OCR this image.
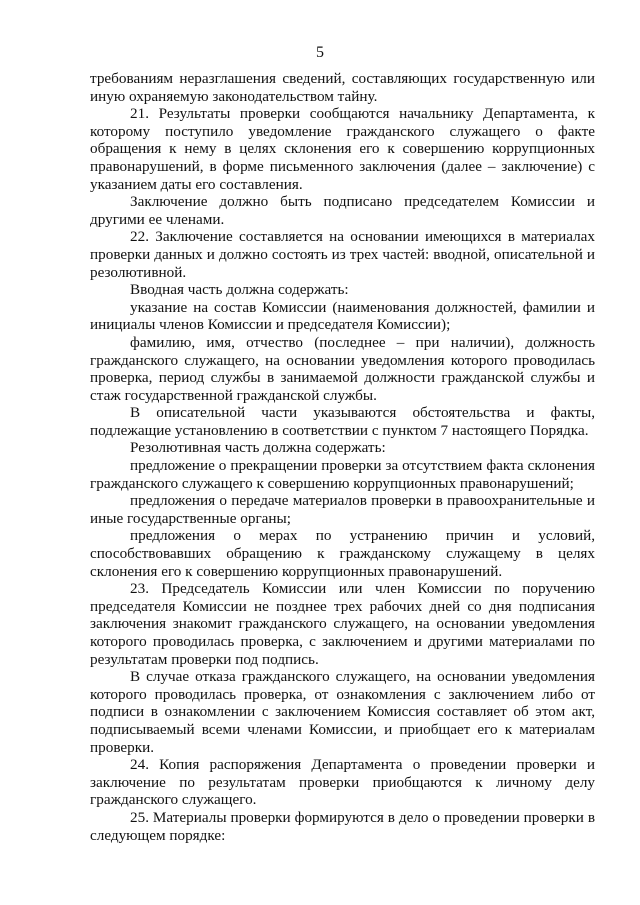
5

требованиям неразглашения сведений, составляющих государственную или иную охраняемую законодательством тайну.

21. Результаты проверки сообщаются начальнику Департамента, к которому поступило уведомление гражданского служащего о факте обращения к нему в целях склонения его к совершению коррупционных правонарушений, в форме письменного заключения (далее – заключение) с указанием даты его составления.

Заключение должно быть подписано председателем Комиссии и другими ее членами.

22. Заключение составляется на основании имеющихся в материалах проверки данных и должно состоять из трех частей: вводной, описательной и резолютивной.

Вводная часть должна содержать:

указание на состав Комиссии (наименования должностей, фамилии и инициалы членов Комиссии и председателя Комиссии);

фамилию, имя, отчество (последнее – при наличии), должность гражданского служащего, на основании уведомления которого проводилась проверка, период службы в занимаемой должности гражданской службы и стаж государственной гражданской службы.

В описательной части указываются обстоятельства и факты, подлежащие установлению в соответствии с пунктом 7 настоящего Порядка.

Резолютивная часть должна содержать:

предложение о прекращении проверки за отсутствием факта склонения гражданского служащего к совершению коррупционных правонарушений;

предложения о передаче материалов проверки в правоохранительные и иные государственные органы;

предложения о мерах по устранению причин и условий, способствовавших обращению к гражданскому служащему в целях склонения его к совершению коррупционных правонарушений.

23. Председатель Комиссии или член Комиссии по поручению председателя Комиссии не позднее трех рабочих дней со дня подписания заключения знакомит гражданского служащего, на основании уведомления которого проводилась проверка, с заключением и другими материалами по результатам проверки под подпись.

В случае отказа гражданского служащего, на основании уведомления которого проводилась проверка, от ознакомления с заключением либо от подписи в ознакомлении с заключением Комиссия составляет об этом акт, подписываемый всеми членами Комиссии, и приобщает его к материалам проверки.

24. Копия распоряжения Департамента о проведении проверки и заключение по результатам проверки приобщаются к личному делу гражданского служащего.

25. Материалы проверки формируются в дело о проведении проверки в следующем порядке:
